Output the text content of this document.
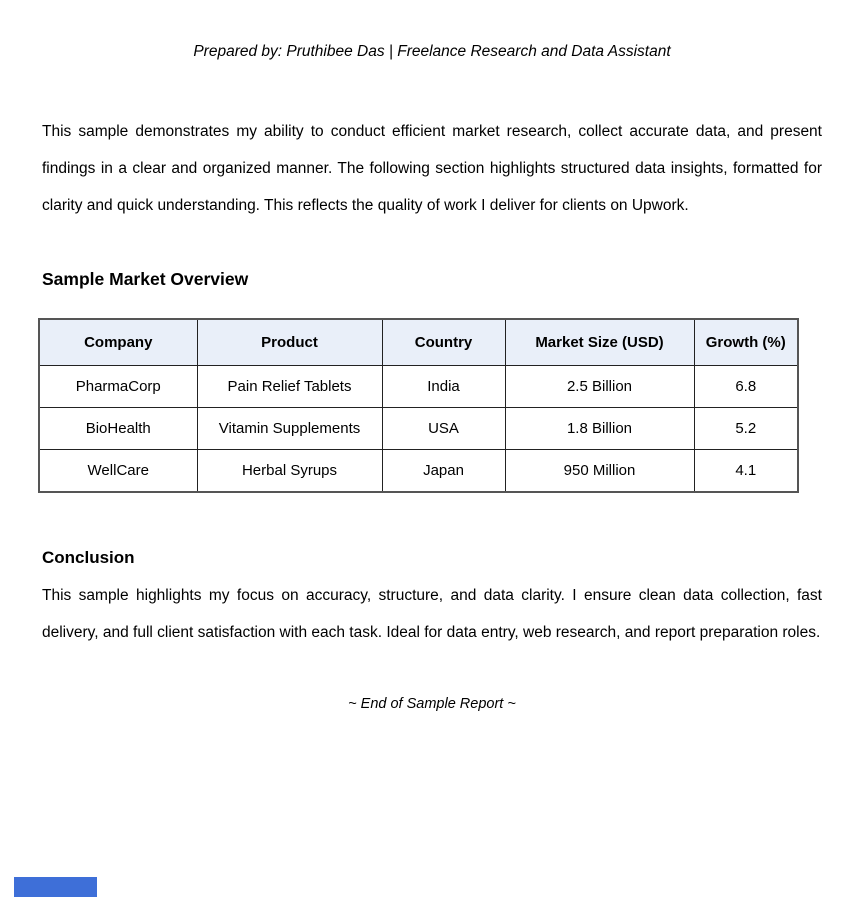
Prepared by: Pruthibee Das | Freelance Research and Data Assistant
This sample demonstrates my ability to conduct efficient market research, collect accurate data, and present findings in a clear and organized manner. The following section highlights structured data insights, formatted for clarity and quick understanding. This reflects the quality of work I deliver for clients on Upwork.
Sample Market Overview
Company	Product	Country	Market Size (USD)	Growth (%)
PharmaCorp	Pain Relief Tablets	India	2.5 Billion	6.8
BioHealth	Vitamin Supplements	USA	1.8 Billion	5.2
WellCare	Herbal Syrups	Japan	950 Million	4.1
Conclusion
This sample highlights my focus on accuracy, structure, and data clarity. I ensure clean data collection, fast delivery, and full client satisfaction with each task. Ideal for data entry, web research, and report preparation roles.
~ End of Sample Report ~
